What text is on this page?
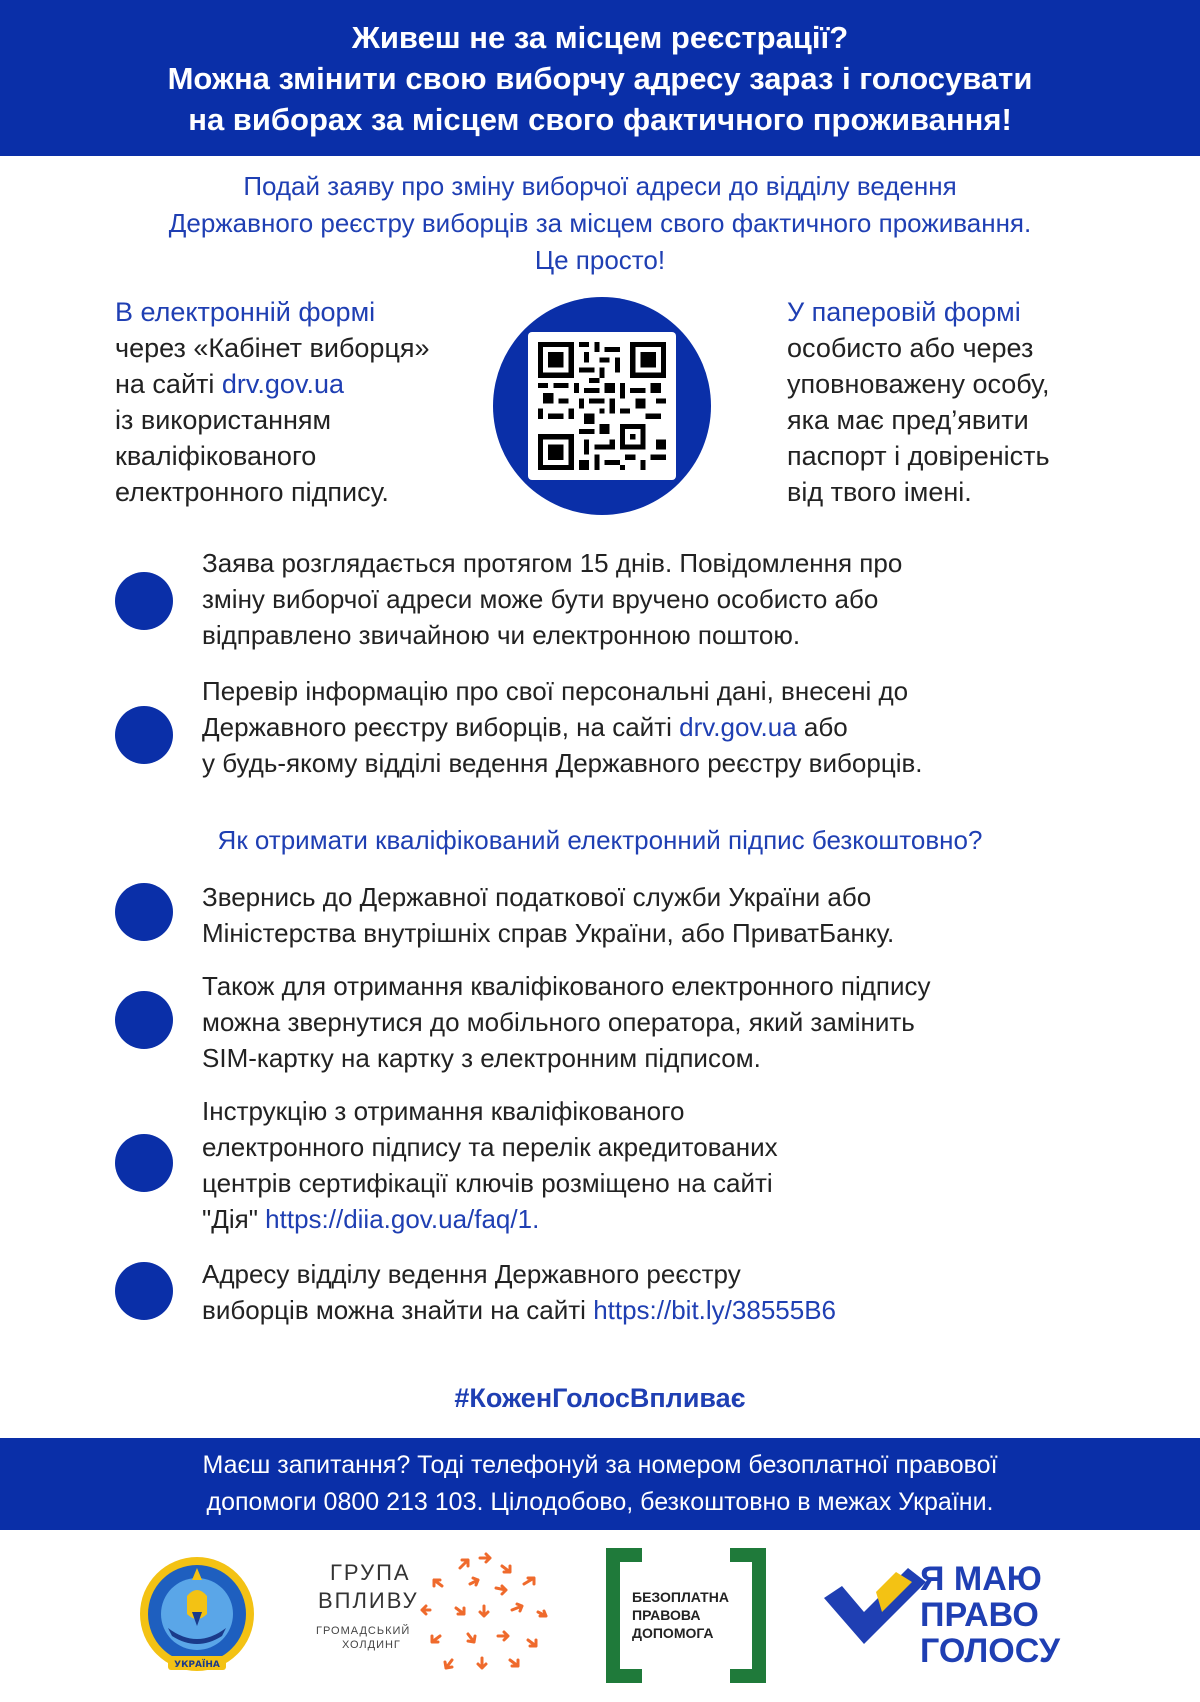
Живеш не за місцем реєстрації?
Можна змінити свою виборчу адресу зараз і голосувати
на виборах за місцем свого фактичного проживання!
Подай заяву про зміну виборчої адреси до відділу ведення
Державного реєстру виборців за місцем свого фактичного проживання.
Це просто!
В електронній формі
через «Кабінет виборця»
на сайті drv.gov.ua
із використанням
кваліфікованого
електронного підпису.
У паперовій формі
особисто або через
уповноважену особу,
яка має пред’явити
паспорт і довіреність
від твого імені.
Заява розглядається протягом 15 днів. Повідомлення про
зміну виборчої адреси може бути вручено особисто або
відправлено звичайною чи електронною поштою.
Перевір інформацію про свої персональні дані, внесені до
Державного реєстру виборців, на сайті drv.gov.ua або
у будь-якому відділі ведення Державного реєстру виборців.
Як отримати кваліфікований електронний підпис безкоштовно?
Звернись до Державної податкової служби України або
Міністерства внутрішніх справ України, або ПриватБанку.
Також для отримання кваліфікованого електронного підпису
можна звернутися до мобільного оператора, який замінить
SIM-картку на картку з електронним підписом.
Інструкцію з отримання кваліфікованого
електронного підпису та перелік акредитованих
центрів сертифікації ключів розміщено на сайті
"Дія" https://diia.gov.ua/faq/1.
Адресу відділу ведення Державного реєстру
виборців можна знайти на сайті https://bit.ly/38555B6
#КоженГолосВпливає
Маєш запитання? Тоді телефонуй за номером безоплатної правової
допомоги 0800 213 103. Цілодобово, безкоштовно в межах України.
УКРАЇНА
ГРУПА
ВПЛИВУ
ГРОМАДСЬКИЙ
ХОЛДИНГ
БЕЗОПЛАТНА
ПРАВОВА
ДОПОМОГА
Я МАЮ
ПРАВО
ГОЛОСУ
